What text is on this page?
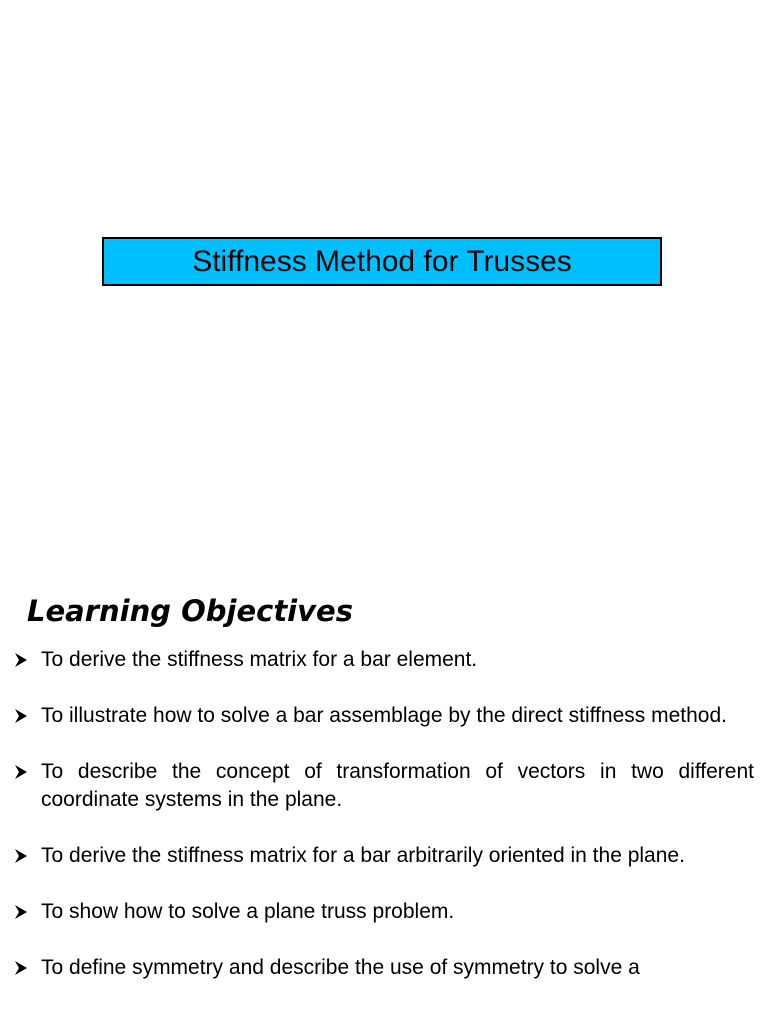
Stiffness Method for Trusses
Learning Objectives
To derive the stiffness matrix for a bar element.
To illustrate how to solve a bar assemblage by the direct stiffness method.
To describe the concept of transformation of vectors in two different coordinate systems in the plane.
To derive the stiffness matrix for a bar arbitrarily oriented in the plane.
To show how to solve a plane truss problem.
To define symmetry and describe the use of symmetry to solve a
